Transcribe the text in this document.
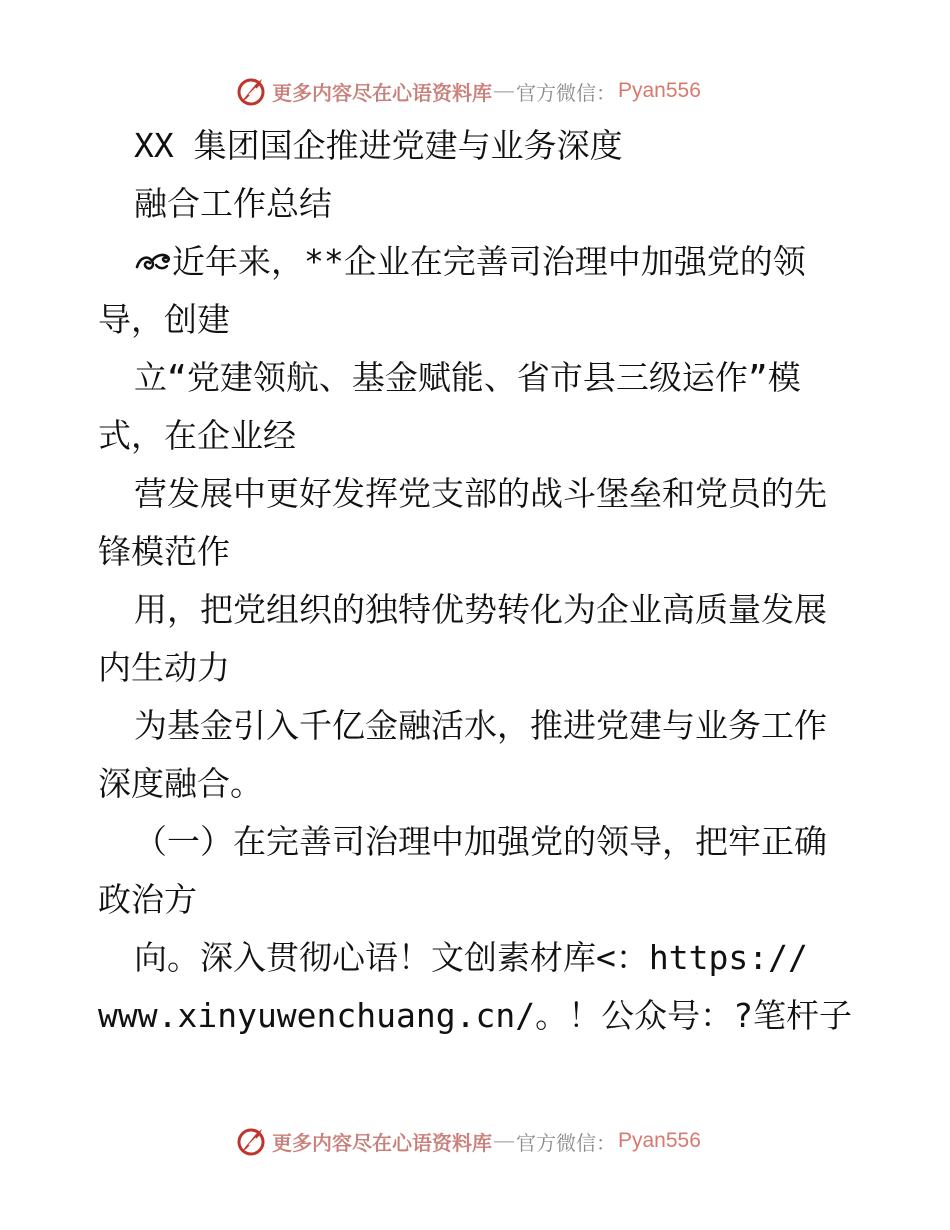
更多内容尽在心语资料库 — 官方微信： Pyan556
XX 集团国企推进党建与业务深度
融合工作总结
近年来，**企业在完善司治理中加强党的领
导，创建
立“党建领航、基金赋能、省市县三级运作”模
式，在企业经
营发展中更好发挥党支部的战斗堡垒和党员的先
锋模范作
用，把党组织的独特优势转化为企业高质量发展
内生动力
为基金引入千亿金融活水，推进党建与业务工作
深度融合。
（一）在完善司治理中加强党的领导，把牢正确
政治方
向。深入贯彻心语！文创素材库<：https://
www.xinyuwenchuang.cn/。！公众号：?笔杆子
更多内容尽在心语资料库 — 官方微信： Pyan556
